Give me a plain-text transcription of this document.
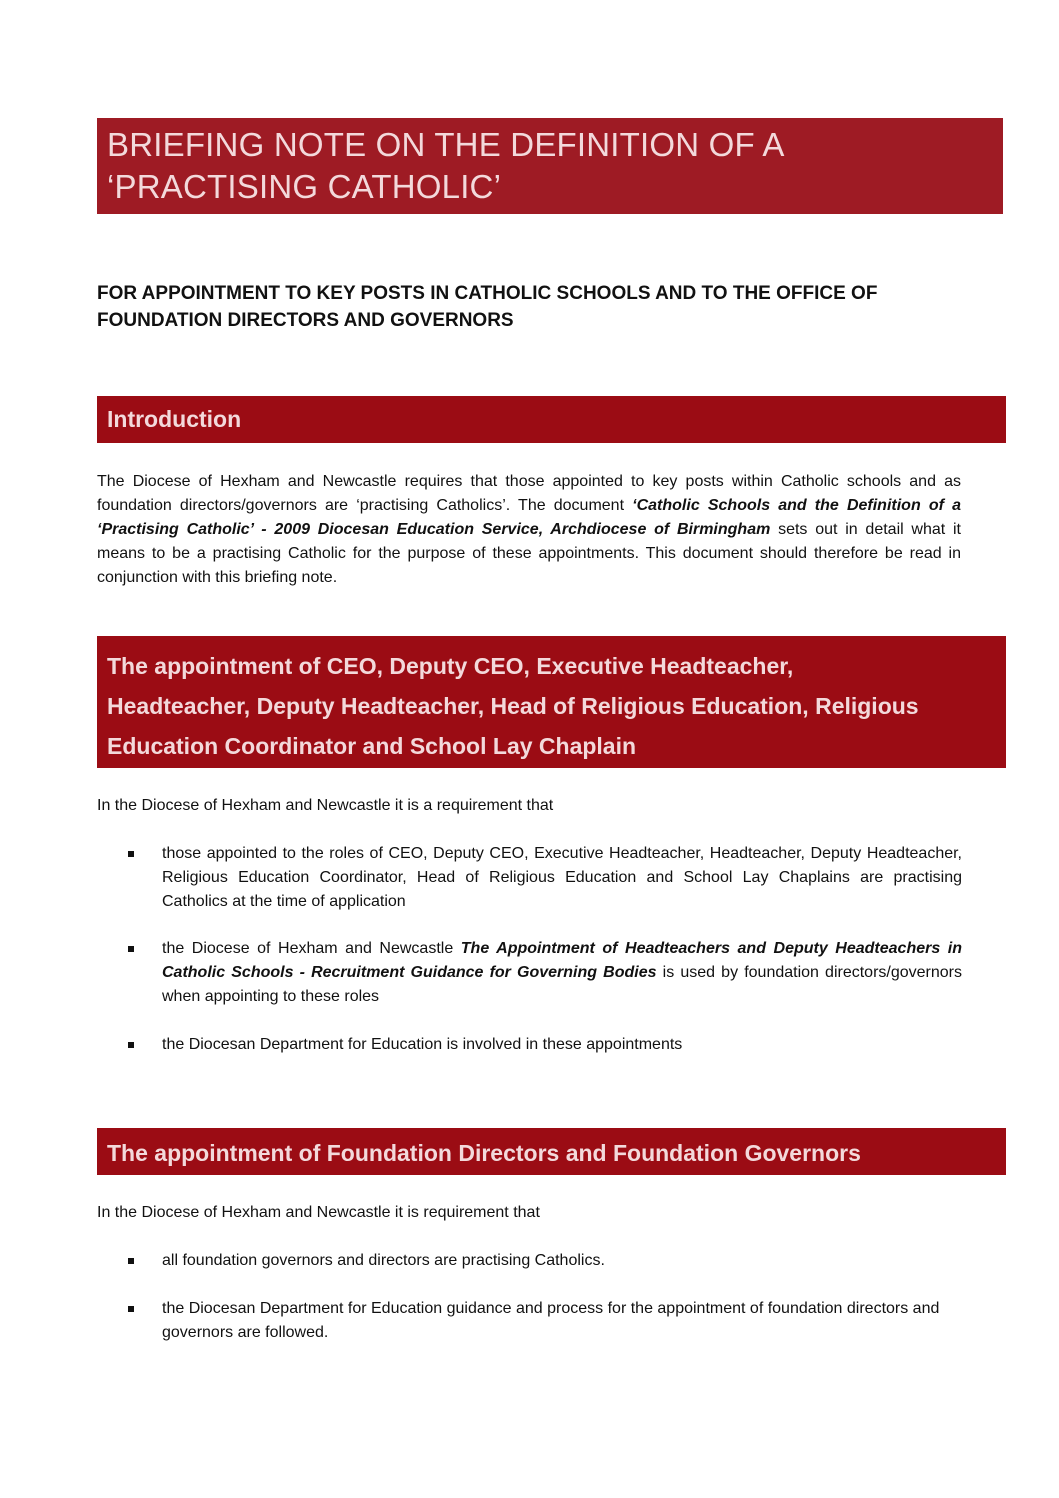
BRIEFING NOTE ON THE DEFINITION OF A ‘PRACTISING CATHOLIC’
FOR APPOINTMENT TO KEY POSTS IN CATHOLIC SCHOOLS AND TO THE OFFICE OF FOUNDATION DIRECTORS AND GOVERNORS
Introduction
The Diocese of Hexham and Newcastle requires that those appointed to key posts within Catholic schools and as foundation directors/governors are ‘practising Catholics’. The document ‘Catholic Schools and the Definition of a ‘Practising Catholic’ - 2009 Diocesan Education Service, Archdiocese of Birmingham sets out in detail what it means to be a practising Catholic for the purpose of these appointments. This document should therefore be read in conjunction with this briefing note.
The appointment of CEO, Deputy CEO, Executive Headteacher,
Headteacher, Deputy Headteacher, Head of Religious Education, Religious
Education Coordinator and School Lay Chaplain
In the Diocese of Hexham and Newcastle it is a requirement that
those appointed to the roles of CEO, Deputy CEO, Executive Headteacher, Headteacher, Deputy Headteacher, Religious Education Coordinator, Head of Religious Education and School Lay Chaplains are practising Catholics at the time of application
the Diocese of Hexham and Newcastle The Appointment of Headteachers and Deputy Headteachers in Catholic Schools - Recruitment Guidance for Governing Bodies is used by foundation directors/governors when appointing to these roles
the Diocesan Department for Education is involved in these appointments
The appointment of Foundation Directors and Foundation Governors
In the Diocese of Hexham and Newcastle it is requirement that
all foundation governors and directors are practising Catholics.
the Diocesan Department for Education guidance and process for the appointment of foundation directors and governors are followed.
